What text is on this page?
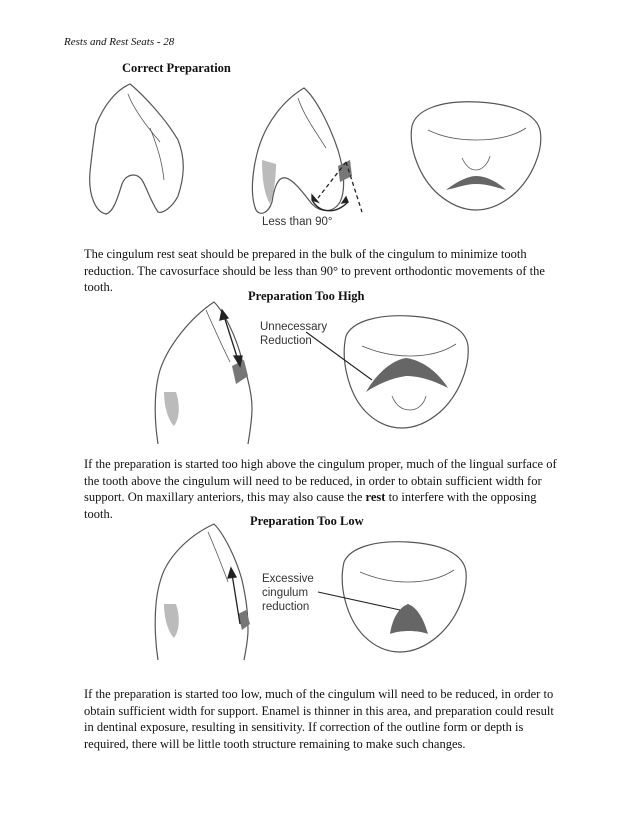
Rests and Rest Seats - 28
Correct Preparation
Less than 90°
Unnecessary
Reduction
Excessive
cingulum
reduction
The cingulum rest seat should be prepared in the bulk of the cingulum to minimize tooth reduction. The cavosurface should be less than 90° to prevent orthodontic movements of the tooth.
Preparation Too High
If the preparation is started too high above the cingulum proper, much of the lingual surface of the tooth above the cingulum will need to be reduced, in order to obtain sufficient width for support. On maxillary anteriors, this may also cause the rest to interfere with the opposing tooth.
Preparation Too Low
If the preparation is started too low, much of the cingulum will need to be reduced, in order to obtain sufficient width for support. Enamel is thinner in this area, and preparation could result in dentinal exposure, resulting in sensitivity. If correction of the outline form or depth is required, there will be little tooth structure remaining to make such changes.
